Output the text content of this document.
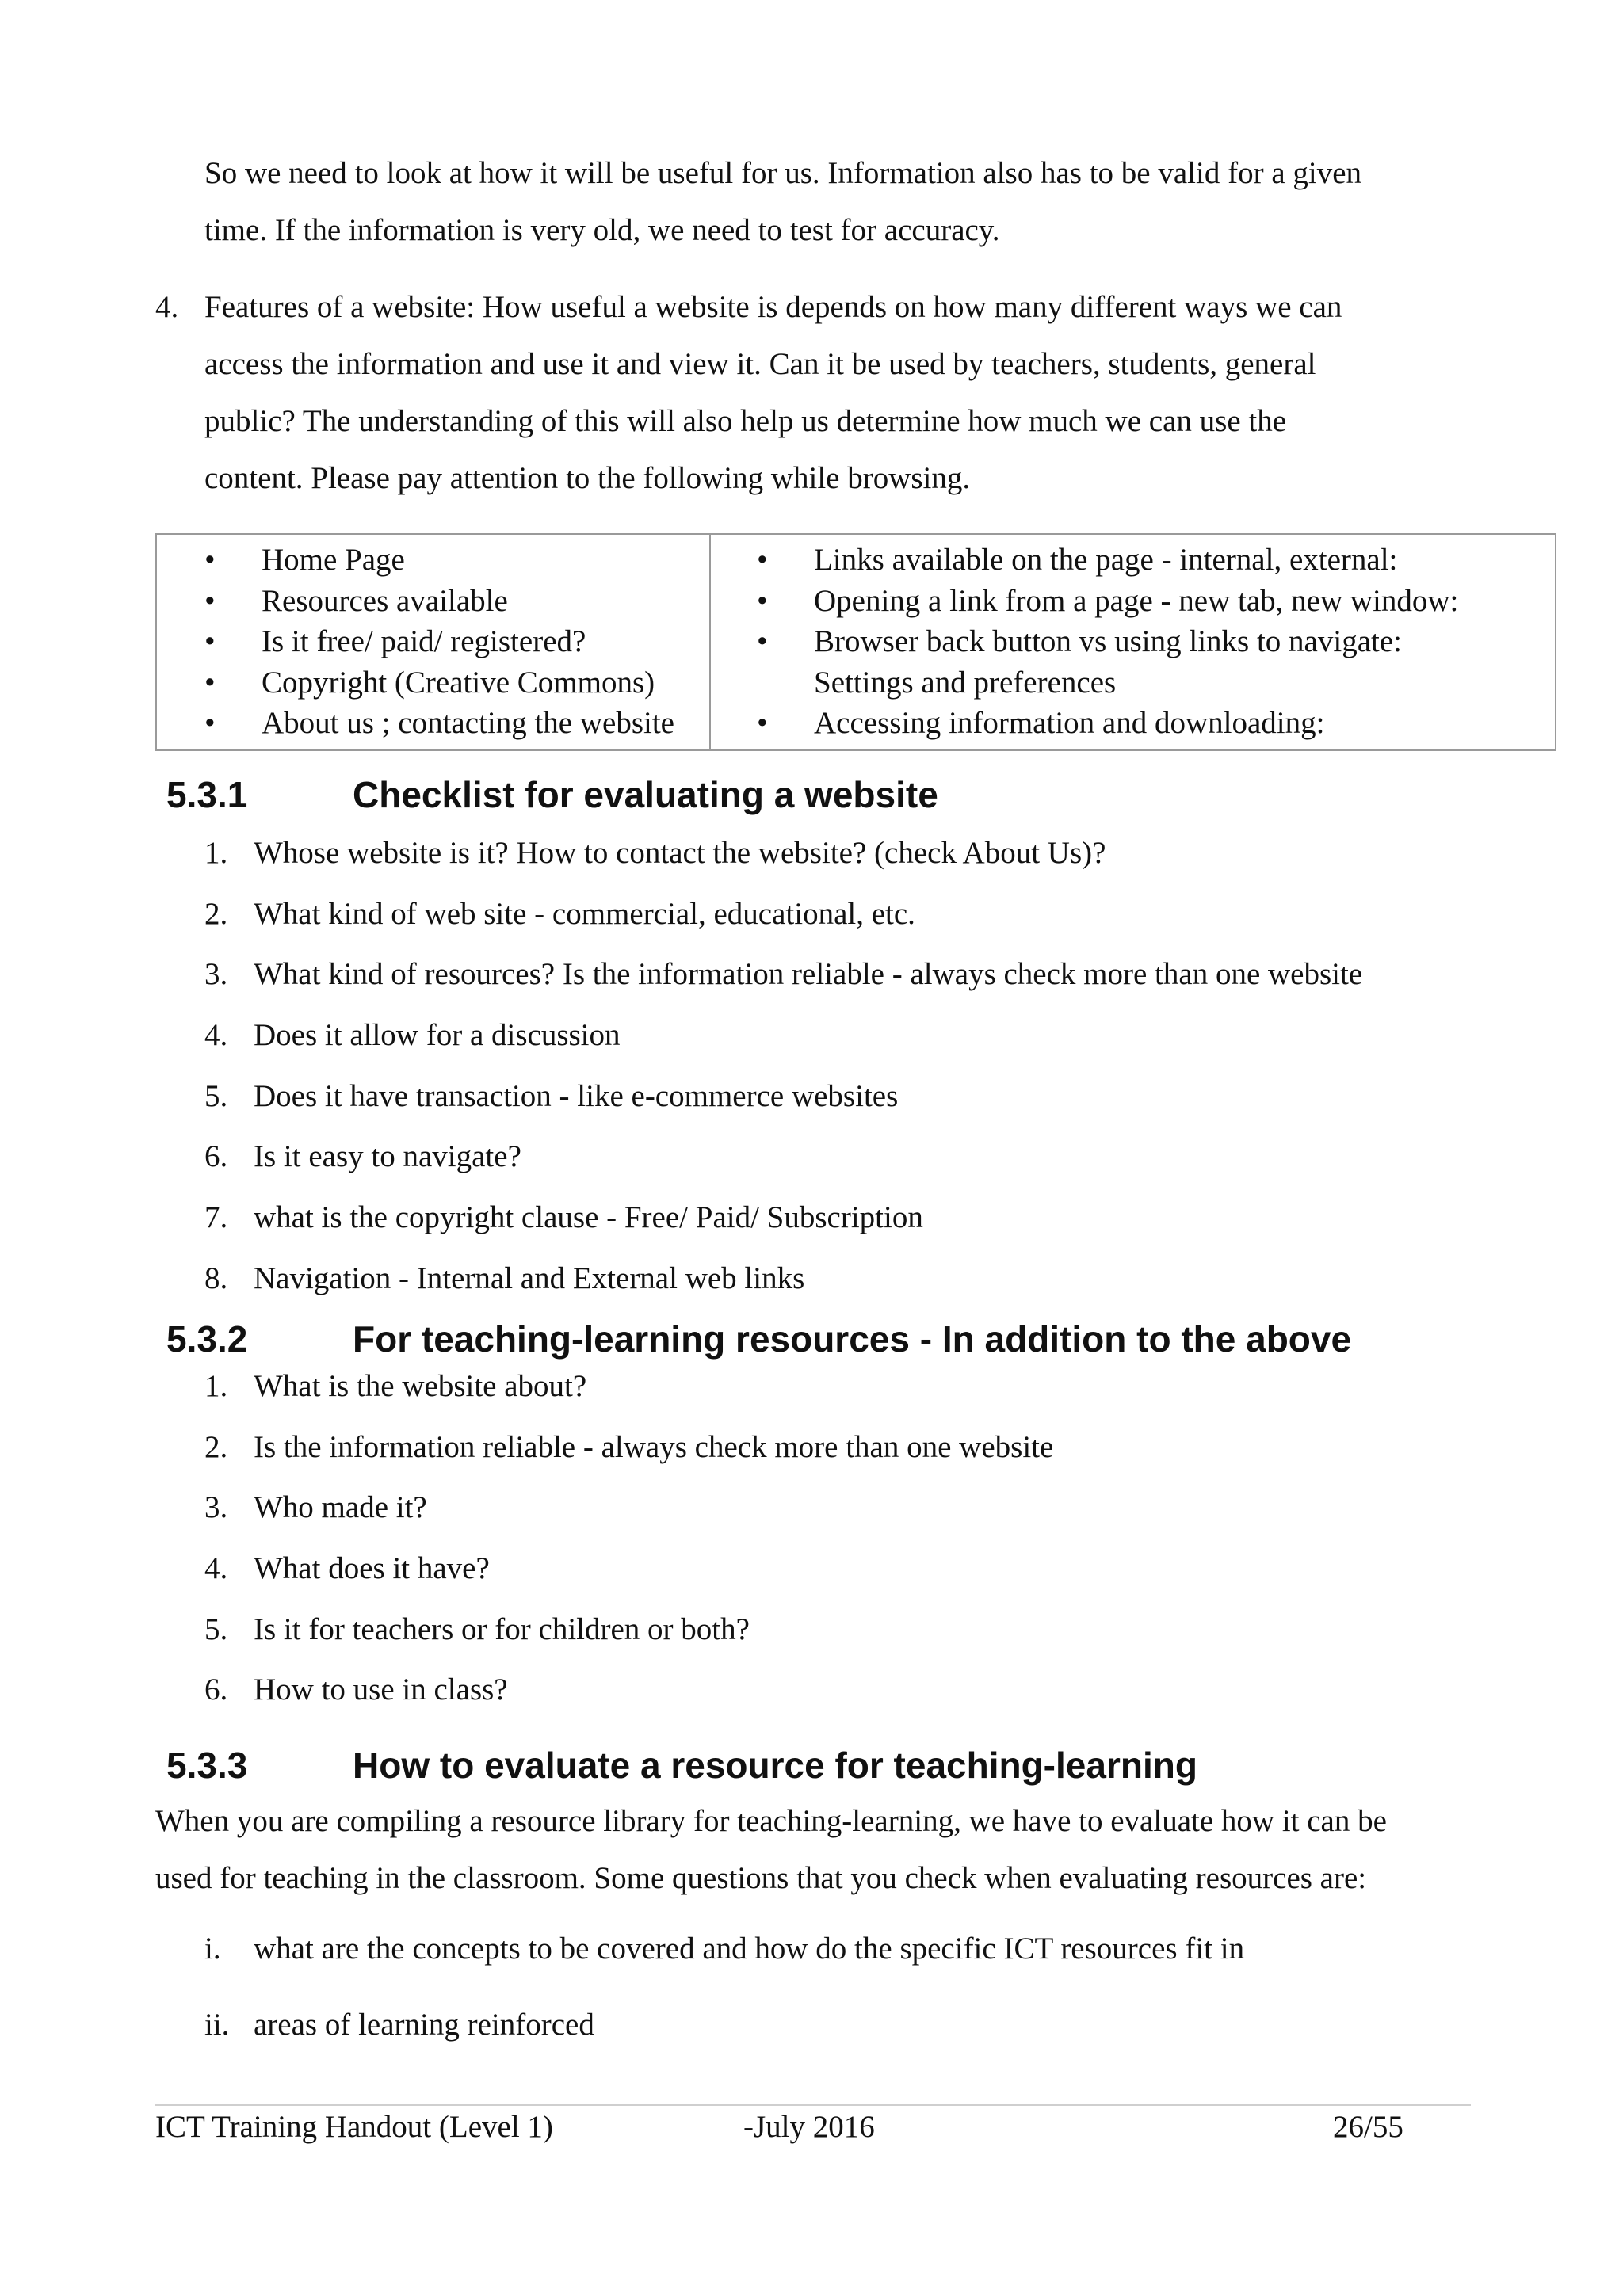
So we need to look at how it will be useful for us. Information also has to be valid for a given

time. If the information is very old, we need to test for accuracy.

4. Features of a website: How useful a website is depends on how many different ways we can

access the information and use it and view it. Can it be used by teachers, students, general

public? The understanding of this will also help us determine how much we can use the

content. Please pay attention to the following while browsing.

•	Home Page
•	Resources available
•	Is it free/ paid/ registered?
•	Copyright (Creative Commons)
•	About us ; contacting the website
•	Links available on the page - internal, external:
•	Opening a link from a page - new tab, new window:
•	Browser back button vs using links to navigate:
Settings and preferences
•	Accessing information and downloading:
5.3.1	Checklist for evaluating a website
1. Whose website is it? How to contact the website? (check About Us)?
2. What kind of web site - commercial, educational, etc.
3. What kind of resources? Is the information reliable - always check more than one website
4. Does it allow for a discussion
5. Does it have transaction - like e-commerce websites
6. Is it easy to navigate?
7. what is the copyright clause - Free/ Paid/ Subscription
8. Navigation - Internal and External web links
5.3.2	For teaching-learning resources - In addition to the above
1. What is the website about?
2. Is the information reliable - always check more than one website
3. Who made it?
4. What does it have?
5. Is it for teachers or for children or both?
6. How to use in class?
5.3.3	How to evaluate a resource for teaching-learning

When you are compiling a resource library for teaching-learning, we have to evaluate how it can be

used for teaching in the classroom. Some questions that you check when evaluating resources are:

i.	what are the concepts to be covered and how do the specific ICT resources fit in
ii. areas of learning reinforced
ICT Training Handout (Level 1)	-July 2016	26/55
